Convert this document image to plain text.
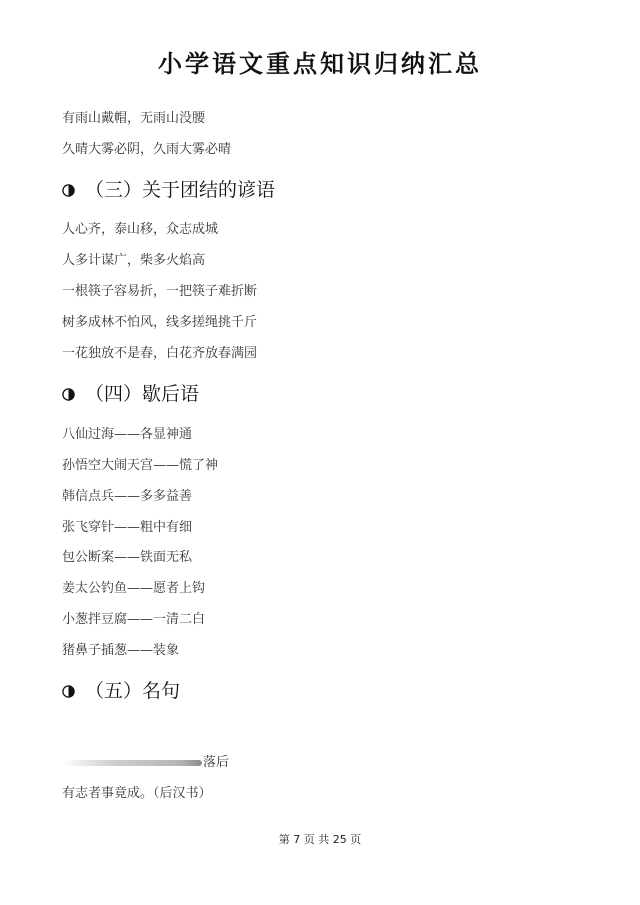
小学语文重点知识归纳汇总
有雨山戴帽，无雨山没腰
久晴大雾必阴，久雨大雾必晴
（三）关于团结的谚语
人心齐，泰山移，众志成城
人多计谋广，柴多火焰高
一根筷子容易折，一把筷子难折断
树多成林不怕风，线多搓绳挑千斤
一花独放不是春，白花齐放春满园
（四）歇后语
八仙过海——各显神通
孙悟空大闹天宫——慌了神
韩信点兵——多多益善
张飞穿针——粗中有细
包公断案——铁面无私
姜太公钓鱼——愿者上钩
小葱拌豆腐——一清二白
猪鼻子插葱——装象
（五）名句
落后
有志者事竟成。（后汉书）
第 7 页 共 25 页
